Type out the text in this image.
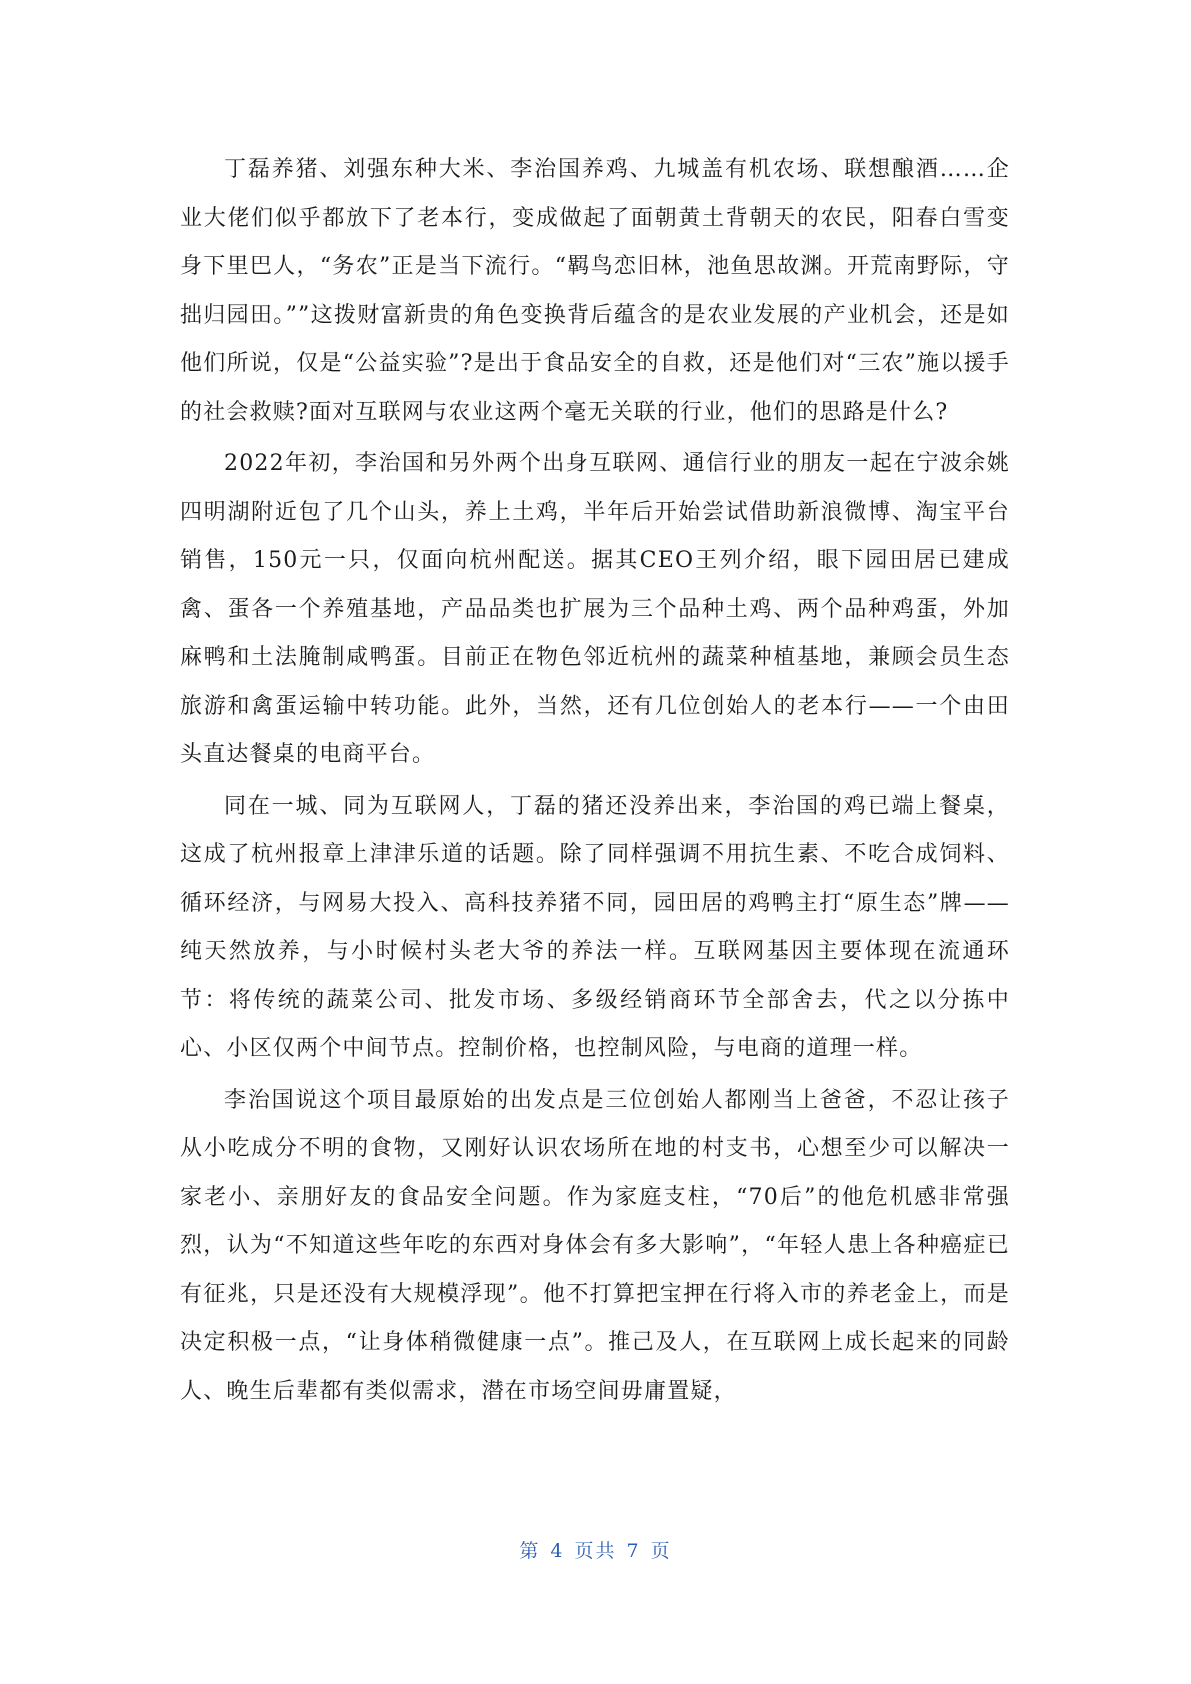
丁磊养猪、刘强东种大米、李治国养鸡、九城盖有机农场、联想酿酒……企业大佬们似乎都放下了老本行，变成做起了面朝黄土背朝天的农民，阳春白雪变身下里巴人，“务农”正是当下流行。“羁鸟恋旧林，池鱼思故渊。开荒南野际，守拙归园田。””这拨财富新贵的角色变换背后蕴含的是农业发展的产业机会，还是如他们所说，仅是“公益实验”?是出于食品安全的自救，还是他们对“三农”施以援手的社会救赎?面对互联网与农业这两个毫无关联的行业，他们的思路是什么?

2022年初，李治国和另外两个出身互联网、通信行业的朋友一起在宁波余姚四明湖附近包了几个山头，养上土鸡，半年后开始尝试借助新浪微博、淘宝平台销售，150元一只，仅面向杭州配送。据其CEO王列介绍，眼下园田居已建成禽、蛋各一个养殖基地，产品品类也扩展为三个品种土鸡、两个品种鸡蛋，外加麻鸭和土法腌制咸鸭蛋。目前正在物色邻近杭州的蔬菜种植基地，兼顾会员生态旅游和禽蛋运输中转功能。此外，当然，还有几位创始人的老本行——一个由田头直达餐桌的电商平台。

同在一城、同为互联网人，丁磊的猪还没养出来，李治国的鸡已端上餐桌，这成了杭州报章上津津乐道的话题。除了同样强调不用抗生素、不吃合成饲料、循环经济，与网易大投入、高科技养猪不同，园田居的鸡鸭主打“原生态”牌——纯天然放养，与小时候村头老大爷的养法一样。互联网基因主要体现在流通环节：将传统的蔬菜公司、批发市场、多级经销商环节全部舍去，代之以分拣中心、小区仅两个中间节点。控制价格，也控制风险，与电商的道理一样。

李治国说这个项目最原始的出发点是三位创始人都刚当上爸爸，不忍让孩子从小吃成分不明的食物，又刚好认识农场所在地的村支书，心想至少可以解决一家老小、亲朋好友的食品安全问题。作为家庭支柱，“70后”的他危机感非常强烈，认为“不知道这些年吃的东西对身体会有多大影响”，“年轻人患上各种癌症已有征兆，只是还没有大规模浮现”。他不打算把宝押在行将入市的养老金上，而是决定积极一点，“让身体稍微健康一点”。推己及人，在互联网上成长起来的同龄人、晚生后辈都有类似需求，潜在市场空间毋庸置疑，

第 4 页共 7 页
